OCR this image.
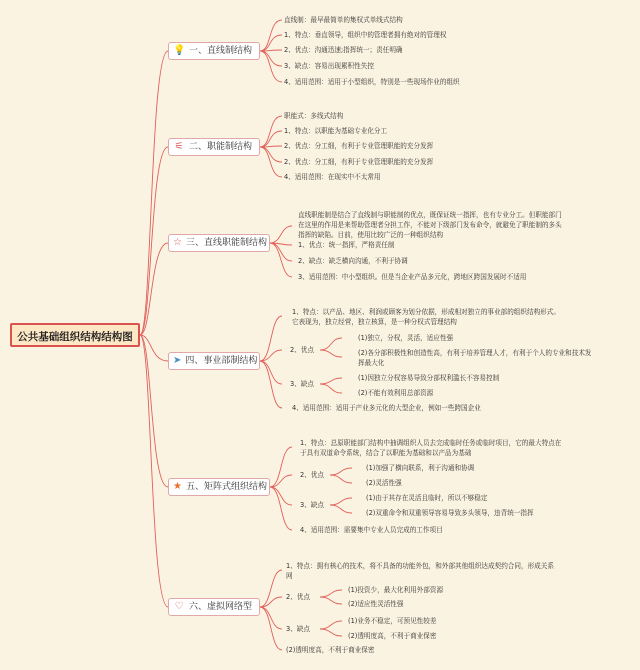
公共基础组织结构结构图
💡 一、直线制结构
⚟ 二、职能制结构
☆ 三、直线职能制结构
➤ 四、事业部制结构
★ 五、矩阵式组织结构
♡ 六、虚拟网络型
直线制：最早最简单的集权式单线式结构
1、特点：垂直领导，组织中的管理者拥有绝对的管理权
2、优点：沟通迅速;指挥统一；责任明确
3、缺点：容易出现累积性失控
4、适用范围：适用于小型组织，特别是一些现场作业的组织
职能式：多线式结构
1、特点：以职能为基础专业化分工
2、优点：分工细，有利于专业管理职能的充分发挥
2、优点：分工细，有利于专业管理职能的充分发挥
4、适用范围：在现实中不太常用
直线职能制是结合了直线制与职能制的优点，既保证统一指挥，也有专业分工。但职能部门在这里的作用是来帮助管理者分担工作，不能对下级部门发布命令，就避免了职能制的多头指挥的缺陷。目前，使用比较广泛的一种组织结构
1、优点：统一指挥，严格责任制
2、缺点：缺乏横向沟通，不利于协调
3、适用范围：中小型组织。但是当企业产品多元化，跨地区跨国发展时不适用
1、特点：以产品、地区、利润或顾客为划分依据，形成相对独立的事业部的组织结构形式。它表现为，独立经营，独立核算，是一种分权式管理结构
2、优点
(1)独立，分权，灵活，适应性强
(2)各分部积极性和创造性高，有利于培养管理人才，有利于个人的专业和技术发挥最大化
3、缺点
(1)因独立分权容易导致分部权利滥长不容易控制
(2)不能有效利用总部资源
4、适用范围：适用于产业多元化的大型企业，例如一些跨国企业
1、特点：总原职能部门结构中抽调组织人员去完成临时任务或临时项目，它的最大特点在于具有双道命令系统，结合了以职能为基础和以产品为基础
2、优点
(1)加强了横向联系，利于沟通和协调
(2)灵活性强
3、缺点
(1)由于其存在灵活且临时，所以不够稳定
(2)双重命令和双重领导容易导致多头领导，违背统一指挥
4、适用范围：需要集中专业人员完成的工作项目
1、特点：拥有核心的技术，将不具备的功能外包，和外部其他组织达成契约合同，形成关系网
2、优点
(1)投资少，最大化利用外部资源
(2)适应性灵活性强
3、缺点
(1)业务不稳定，可预见性较差
(2)透明度高，不利于商业保密
(2)透明度高，不利于商业保密
